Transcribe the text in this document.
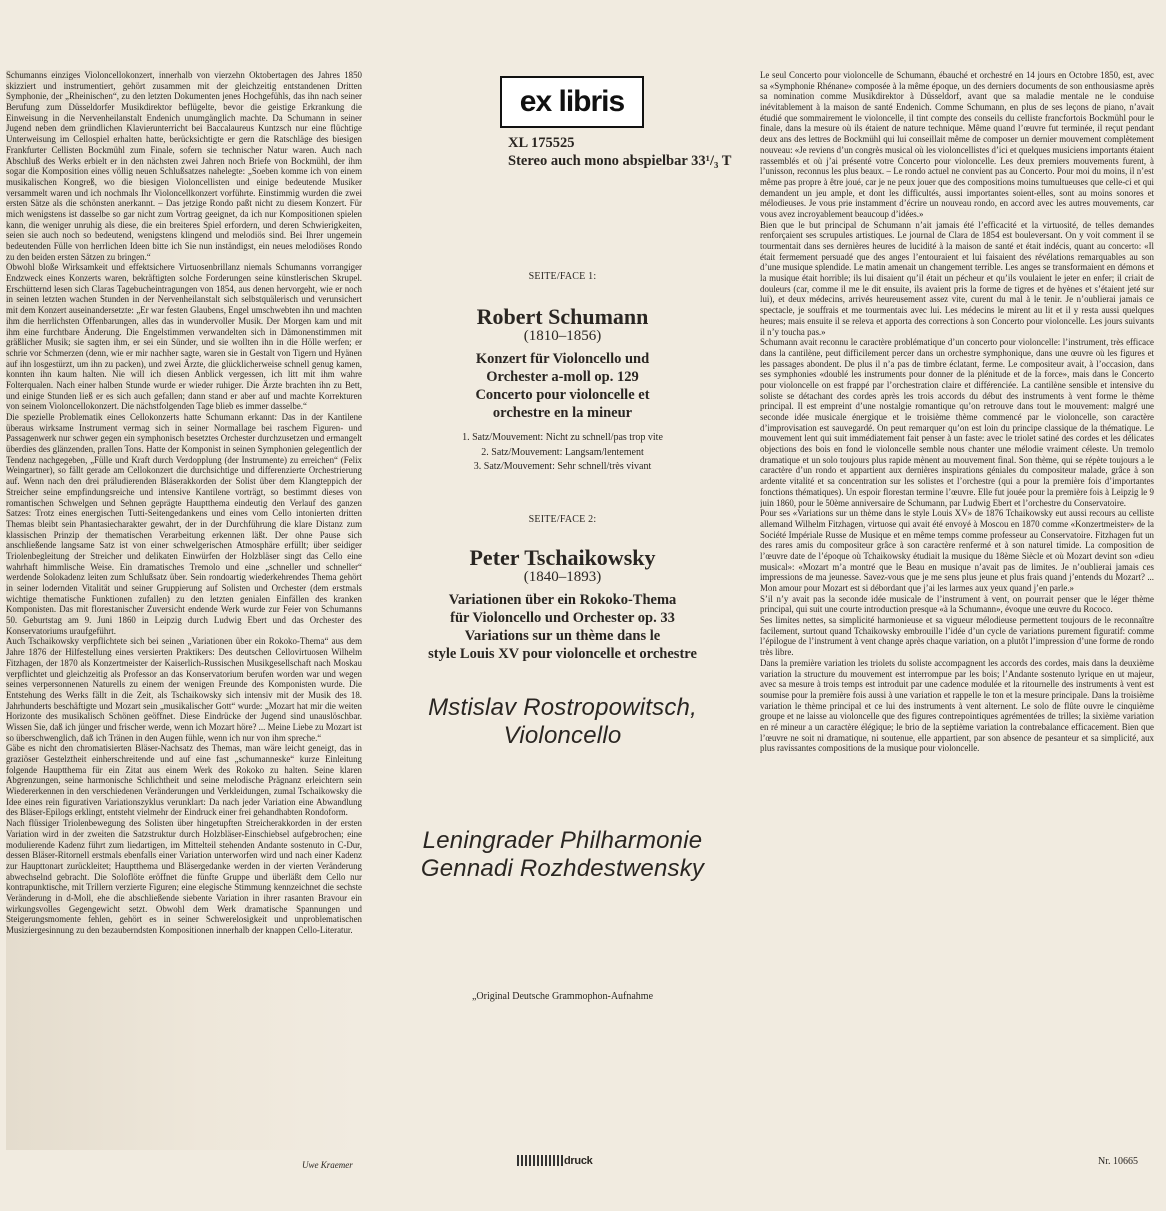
Schumanns einziges Violoncellokonzert, innerhalb von vierzehn Oktobertagen des Jahres 1850 skizziert und instrumentiert, gehört zusammen mit der gleichzeitig entstandenen Dritten Symphonie, der „Rheinischen“, zu den letzten Dokumenten jenes Hochgefühls, das ihn nach seiner Berufung zum Düsseldorfer Musikdirektor beflügelte, bevor die geistige Erkrankung die Einweisung in die Nervenheilanstalt Endenich unumgänglich machte. Da Schumann in seiner Jugend neben dem gründlichen Klavierunterricht bei Baccalaureus Kuntzsch nur eine flüchtige Unterweisung im Cellospiel erhalten hatte, berücksichtigte er gern die Ratschläge des biesigen Frankfurter Cellisten Bockmühl zum Finale, sofern sie technischer Natur waren. Auch nach Abschluß des Werks erbielt er in den nächsten zwei Jahren noch Briefe von Bockmühl, der ihm sogar die Komposition eines völlig neuen Schlußsatzes nahelegte: „Soeben komme ich von einem musikalischen Kongreß, wo die biesigen Violoncellisten und einige bedeutende Musiker versammelt waren und ich nochmals Ihr Violoncellkonzert vorführte. Einstimmig wurden die zwei ersten Sätze als die schönsten anerkannt. – Das jetzige Rondo paßt nicht zu diesem Konzert. Für mich wenigstens ist dasselbe so gar nicht zum Vortrag geeignet, da ich nur Kompositionen spielen kann, die weniger unruhig als diese, die ein breiteres Spiel erfordern, und deren Schwierigkeiten, seien sie auch noch so bedeutend, wenigstens klingend und melodiös sind. Bei Ihrer ungemein bedeutenden Fülle von herrlichen Ideen bitte ich Sie nun inständigst, ein neues melodiöses Rondo zu den beiden ersten Sätzen zu bringen.“

Obwohl bloße Wirksamkeit und effektsichere Virtuosenbrillanz niemals Schumanns vorrangiger Endzweck eines Konzerts waren, bekräftigten solche Forderungen seine künstlerischen Skrupel. Erschütternd lesen sich Claras Tagebucheintragungen von 1854, aus denen hervorgeht, wie er noch in seinen letzten wachen Stunden in der Nervenheilanstalt sich selbstquälerisch und verunsichert mit dem Konzert auseinandersetzte: „Er war festen Glaubens, Engel umschwebten ihn und machten ihm die herrlichsten Offenbarungen, alles das in wundervoller Musik. Der Morgen kam und mit ihm eine furchtbare Änderung. Die Engelstimmen verwandelten sich in Dämonenstimmen mit gräßlicher Musik; sie sagten ihm, er sei ein Sünder, und sie wollten ihn in die Hölle werfen; er schrie vor Schmerzen (denn, wie er mir nachher sagte, waren sie in Gestalt von Tigern und Hyänen auf ihn losgestürzt, um ihn zu packen), und zwei Ärzte, die glücklicherweise schnell genug kamen, konnten ihn kaum halten. Nie will ich diesen Anblick vergessen, ich litt mit ihm wahre Folterqualen. Nach einer halben Stunde wurde er wieder ruhiger. Die Ärzte brachten ihn zu Bett, und einige Stunden ließ er es sich auch gefallen; dann stand er aber auf und machte Korrekturen von seinem Violoncellokonzert. Die nächstfolgenden Tage blieb es immer dasselbe.“

Die spezielle Problematik eines Cellokonzerts hatte Schumann erkannt: Das in der Kantilene überaus wirksame Instrument vermag sich in seiner Normallage bei raschem Figuren- und Passagenwerk nur schwer gegen ein symphonisch besetztes Orchester durchzusetzen und ermangelt überdies des glänzenden, prallen Tons. Hatte der Komponist in seinen Symphonien gelegentlich der Tendenz nachgegeben, „Fülle und Kraft durch Verdopplung (der Instrumente) zu erreichen“ (Felix Weingartner), so fällt gerade am Cellokonzert die durchsichtige und differenzierte Orchestrierung auf. Wenn nach den drei präludierenden Bläserakkorden der Solist über dem Klangteppich der Streicher seine empfindungsreiche und intensive Kantilene vorträgt, so bestimmt dieses von romantischen Schwelgen und Sehnen geprägte Hauptthema eindeutig den Verlauf des ganzen Satzes: Trotz eines energischen Tutti-Seitengedankens und eines vom Cello intonierten dritten Themas bleibt sein Phantasiecharakter gewahrt, der in der Durchführung die klare Distanz zum klassischen Prinzip der thematischen Verarbeitung erkennen läßt. Der ohne Pause sich anschließende langsame Satz ist von einer schwelgerischen Atmosphäre erfüllt; über seidiger Triolenbegleitung der Streicher und delikaten Einwürfen der Holzbläser singt das Cello eine wahrhaft himmlische Weise. Ein dramatisches Tremolo und eine „schneller und schneller“ werdende Solokadenz leiten zum Schlußsatz über. Sein rondoartig wiederkehrendes Thema gehört in seiner lodernden Vitalität und seiner Gruppierung auf Solisten und Orchester (dem erstmals wichtige thematische Funktionen zufallen) zu den letzten genialen Einfällen des kranken Komponisten. Das mit florestanischer Zuversicht endende Werk wurde zur Feier von Schumanns 50. Geburtstag am 9. Juni 1860 in Leipzig durch Ludwig Ebert und das Orchester des Konservatoriums uraufgeführt.

Auch Tschaikowsky verpflichtete sich bei seinen „Variationen über ein Rokoko-Thema“ aus dem Jahre 1876 der Hilfestellung eines versierten Praktikers: Des deutschen Cellovirtuosen Wilhelm Fitzhagen, der 1870 als Konzertmeister der Kaiserlich-Russischen Musikgesellschaft nach Moskau verpflichtet und gleichzeitig als Professor an das Konservatorium berufen worden war und wegen seines verpersonnenen Naturells zu einem der wenigen Freunde des Komponisten wurde. Die Entstehung des Werks fällt in die Zeit, als Tschaikowsky sich intensiv mit der Musik des 18. Jahrhunderts beschäftigte und Mozart sein „musikalischer Gott“ wurde: „Mozart hat mir die weiten Horizonte des musikalisch Schönen geöffnet. Diese Eindrücke der Jugend sind unauslöschbar. Wissen Sie, daß ich jünger und frischer werde, wenn ich Mozart höre? ... Meine Liebe zu Mozart ist so überschwenglich, daß ich Tränen in den Augen fühle, wenn ich nur von ihm spreche.“

Gäbe es nicht den chromatisierten Bläser-Nachsatz des Themas, man wäre leicht geneigt, das in graziöser Gestelztheit einherschreitende und auf eine fast „schumanneske“ kurze Einleitung folgende Hauptthema für ein Zitat aus einem Werk des Rokoko zu halten. Seine klaren Abgrenzungen, seine harmonische Schlichtheit und seine melodische Prägnanz erleichtern sein Wiedererkennen in den verschiedenen Veränderungen und Verkleidungen, zumal Tschaikowsky die Idee eines rein figurativen Variationszyklus verunklart: Da nach jeder Variation eine Abwandlung des Bläser-Epilogs erklingt, entsteht vielmehr der Eindruck einer frei gehandhabten Rondoform.

Nach flüssiger Triolenbewegung des Solisten über hingetupften Streicherakkorden in der ersten Variation wird in der zweiten die Satzstruktur durch Holzbläser-Einschiebsel aufgebrochen; eine modulierende Kadenz führt zum liedartigen, im Mittelteil stehenden Andante sostenuto in C-Dur, dessen Bläser-Ritornell erstmals ebenfalls einer Variation unterworfen wird und nach einer Kadenz zur Haupttonart zurückleitet; Hauptthema und Bläsergedanke werden in der vierten Veränderung abwechselnd gebracht. Die Soloflöte eröffnet die fünfte Gruppe und überläßt dem Cello nur kontrapunktische, mit Trillern verzierte Figuren; eine elegische Stimmung kennzeichnet die sechste Veränderung in d-Moll, ehe die abschließende siebente Variation in ihrer rasanten Bravour ein wirkungsvolles Gegengewicht setzt. Obwohl dem Werk dramatische Spannungen und Steigerungsmomente fehlen, gehört es in seiner Schwerelosigkeit und unproblematischen Musiziergesinnung zu den bezauberndsten Kompositionen innerhalb der knappen Cello-Literatur.

Uwe Kraemer
ex libris
XL 175525
Stereo auch mono abspielbar 33¹/₃ T
SEITE/FACE 1:
Robert Schumann
(1810–1856)
Konzert für Violoncello und
Orchester a-moll op. 129
Concerto pour violoncelle et
orchestre en la mineur
1. Satz/Mouvement: Nicht zu schnell/pas trop vite
2. Satz/Mouvement: Langsam/lentement
3. Satz/Mouvement: Sehr schnell/très vivant
SEITE/FACE 2:
Peter Tschaikowsky
(1840–1893)
Variationen über ein Rokoko-Thema
für Violoncello und Orchester op. 33
Variations sur un thème dans le
style Louis XV pour violoncelle et orchestre
Mstislav Rostropowitsch,
Violoncello
Leningrader Philharmonie
Gennadi Rozhdestwensky
„Original Deutsche Grammophon-Aufnahme
druck

Le seul Concerto pour violoncelle de Schumann, ébauché et orchestré en 14 jours en Octobre 1850, est, avec sa «Symphonie Rhénane» composée à la même époque, un des derniers documents de son enthousiasme après sa nomination comme Musikdirektor à Düsseldorf, avant que sa maladie mentale ne le conduise inévitablement à la maison de santé Endenich. Comme Schumann, en plus de ses leçons de piano, n’avait étudié que sommairement le violoncelle, il tint compte des conseils du celliste francfortois Bockmühl pour le finale, dans la mesure où ils étaient de nature technique. Même quand l’œuvre fut terminée, il reçut pendant deux ans des lettres de Bockmühl qui lui conseillait même de composer un dernier mouvement complètement nouveau: «Je reviens d’un congrès musical où les violoncellistes d’ici et quelques musiciens importants étaient rassemblés et où j’ai présenté votre Concerto pour violoncelle. Les deux premiers mouvements furent, à l’unisson, reconnus les plus beaux. – Le rondo actuel ne convient pas au Concerto. Pour moi du moins, il n’est même pas propre à être joué, car je ne peux jouer que des compositions moins tumultueuses que celle-ci et qui demandent un jeu ample, et dont les difficultés, aussi importantes soient-elles, sont au moins sonores et mélodieuses. Je vous prie instamment d’écrire un nouveau rondo, en accord avec les autres mouvements, car vous avez incroyablement beaucoup d’idées.»

Bien que le but principal de Schumann n’ait jamais été l’efficacité et la virtuosité, de telles demandes renforçaient ses scrupules artistiques. Le journal de Clara de 1854 est bouleversant. On y voit comment il se tourmentait dans ses dernières heures de lucidité à la maison de santé et était indécis, quant au concerto: «Il était fermement persuadé que des anges l’entouraient et lui faisaient des révélations remarquables au son d’une musique splendide. Le matin amenait un changement terrible. Les anges se transformaient en démons et la musique était horrible; ils lui disaient qu’il était un pécheur et qu’ils voulaient le jeter en enfer; il criait de douleurs (car, comme il me le dit ensuite, ils avaient pris la forme de tigres et de hyènes et s’étaient jeté sur lui), et deux médecins, arrivés heureusement assez vite, curent du mal à le tenir. Je n’oublierai jamais ce spectacle, je souffrais et me tourmentais avec lui. Les médecins le mirent au lit et il y resta aussi quelques heures; mais ensuite il se releva et apporta des corrections à son Concerto pour violoncelle. Les jours suivants il n’y toucha pas.»

Schumann avait reconnu le caractère problématique d’un concerto pour violoncelle: l’instrument, très efficace dans la cantilène, peut difficilement percer dans un orchestre symphonique, dans une œuvre où les figures et les passages abondent. De plus il n’a pas de timbre éclatant, ferme. Le compositeur avait, à l’occasion, dans ses symphonies «doublé les instruments pour donner de la plénitude et de la force», mais dans le Concerto pour violoncelle on est frappé par l’orchestration claire et différenciée. La cantilène sensible et intensive du soliste se détachant des cordes après les trois accords du début des instruments à vent forme le thème principal. Il est empreint d’une nostalgie romantique qu’on retrouve dans tout le mouvement: malgré une seconde idée musicale énergique et le troisième thème commencé par le violoncelle, son caractère d’improvisation est sauvegardé. On peut remarquer qu’on est loin du principe classique de la thématique. Le mouvement lent qui suit immédiatement fait penser à un faste: avec le triolet satiné des cordes et les délicates objections des bois en fond le violoncelle semble nous chanter une mélodie vraiment céleste. Un tremolo dramatique et un solo toujours plus rapide mènent au mouvement final. Son thème, qui se répète toujours a le caractère d’un rondo et appartient aux dernières inspirations géniales du compositeur malade, grâce à son ardente vitalité et sa concentration sur les solistes et l’orchestre (qui a pour la première fois d’importantes fonctions thématiques). Un espoir florestan termine l’œuvre. Elle fut jouée pour la première fois à Leipzig le 9 juin 1860, pour le 50ème anniversaire de Schumann, par Ludwig Ebert et l’orchestre du Conservatoire.

Pour ses «Variations sur un thème dans le style Louis XV» de 1876 Tchaikowsky eut aussi recours au celliste allemand Wilhelm Fitzhagen, virtuose qui avait été envoyé à Moscou en 1870 comme «Konzertmeister» de la Société Impériale Russe de Musique et en même temps comme professeur au Conservatoire. Fitzhagen fut un des rares amis du compositeur grâce à son caractère renfermé et à son naturel timide. La composition de l’œuvre date de l’époque où Tchaikowsky étudiait la musique du 18ème Siècle et où Mozart devint son «dieu musical»: «Mozart m’a montré que le Beau en musique n’avait pas de limites. Je n’oublierai jamais ces impressions de ma jeunesse. Savez-vous que je me sens plus jeune et plus frais quand j’entends du Mozart? ... Mon amour pour Mozart est si débordant que j’ai les larmes aux yeux quand j’en parle.»

S’il n’y avait pas la seconde idée musicale de l’instrument à vent, on pourrait penser que le léger thème principal, qui suit une courte introduction presque «à la Schumann», évoque une œuvre du Rococo.

Ses limites nettes, sa simplicité harmonieuse et sa vigueur mélodieuse permettent toujours de le reconnaître facilement, surtout quand Tchaikowsky embrouille l’idée d’un cycle de variations purement figuratif: comme l’épilogue de l’instrument à vent change après chaque variation, on a plutôt l’impression d’une forme de rondo très libre.

Dans la première variation les triolets du soliste accompagnent les accords des cordes, mais dans la deuxième variation la structure du mouvement est interrompue par les bois; l’Andante sostenuto lyrique en ut majeur, avec sa mesure à trois temps est introduit par une cadence modulée et la ritournelle des instruments à vent est soumise pour la première fois aussi à une variation et rappelle le ton et la mesure principale. Dans la troisième variation le thème principal et ce lui des instruments à vent alternent. Le solo de flûte ouvre le cinquième groupe et ne laisse au violoncelle que des figures contrepointiques agrémentées de trilles; la sixième variation en ré mineur a un caractère élégique; le brio de la septième variation la contrebalance efficacement. Bien que l’œuvre ne soit ni dramatique, ni soutenue, elle appartient, par son absence de pesanteur et sa simplicité, aux plus ravissantes compositions de la musique pour violoncelle.

Nr. 10665
